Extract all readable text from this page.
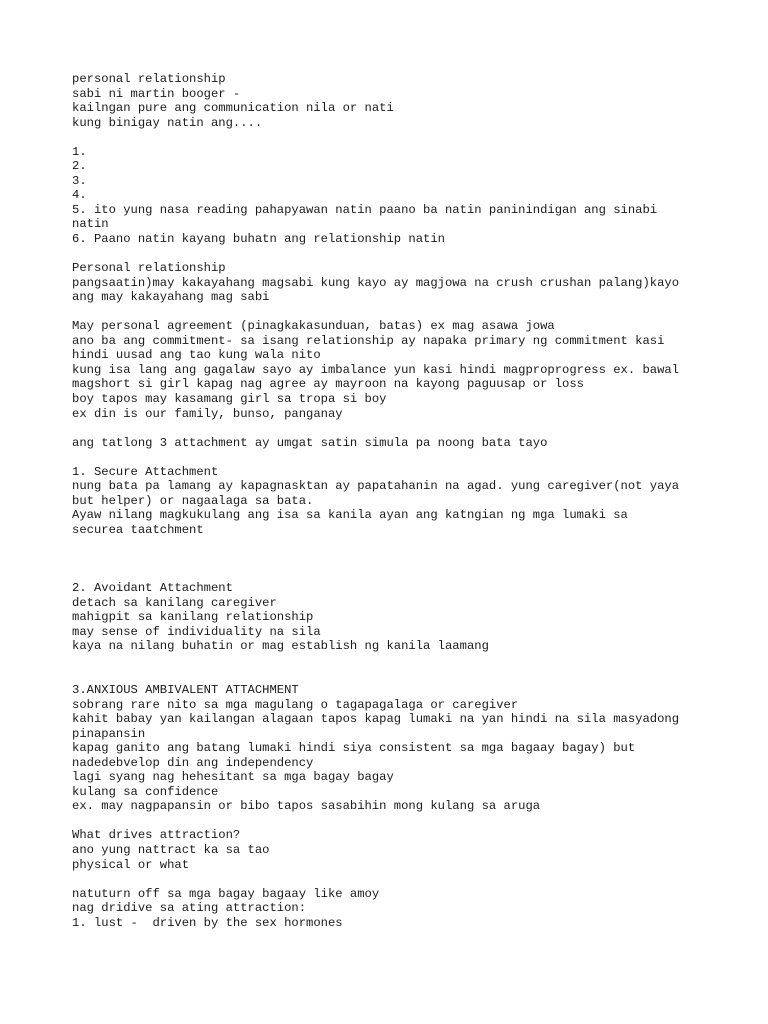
personal relationship
sabi ni martin booger -
kailngan pure ang communication nila or nati
kung binigay natin ang....
1.
2.
3.
4.
5. ito yung nasa reading pahapyawan natin paano ba natin paninindigan ang sinabi
natin
6. Paano natin kayang buhatn ang relationship natin
Personal relationship
pangsaatin)may kakayahang magsabi kung kayo ay magjowa na crush crushan palang)kayo
ang may kakayahang mag sabi
May personal agreement (pinagkakasunduan, batas) ex mag asawa jowa
ano ba ang commitment- sa isang relationship ay napaka primary ng commitment kasi
hindi uusad ang tao kung wala nito
kung isa lang ang gagalaw sayo ay imbalance yun kasi hindi magproprogress ex. bawal
magshort si girl kapag nag agree ay mayroon na kayong paguusap or loss
boy tapos may kasamang girl sa tropa si boy
ex din is our family, bunso, panganay
ang tatlong 3 attachment ay umgat satin simula pa noong bata tayo
1. Secure Attachment
nung bata pa lamang ay kapagnasktan ay papatahanin na agad. yung caregiver(not yaya
but helper) or nagaalaga sa bata.
Ayaw nilang magkukulang ang isa sa kanila ayan ang katngian ng mga lumaki sa
securea taatchment
2. Avoidant Attachment
detach sa kanilang caregiver
mahigpit sa kanilang relationship
may sense of individuality na sila
kaya na nilang buhatin or mag establish ng kanila laamang
3.ANXIOUS AMBIVALENT ATTACHMENT
sobrang rare nito sa mga magulang o tagapagalaga or caregiver
kahit babay yan kailangan alagaan tapos kapag lumaki na yan hindi na sila masyadong
pinapansin
kapag ganito ang batang lumaki hindi siya consistent sa mga bagaay bagay) but
nadedebvelop din ang independency
lagi syang nag hehesitant sa mga bagay bagay
kulang sa confidence
ex. may nagpapansin or bibo tapos sasabihin mong kulang sa aruga
What drives attraction?
ano yung nattract ka sa tao
physical or what
natuturn off sa mga bagay bagaay like amoy
nag dridive sa ating attraction:
1. lust -  driven by the sex hormones
